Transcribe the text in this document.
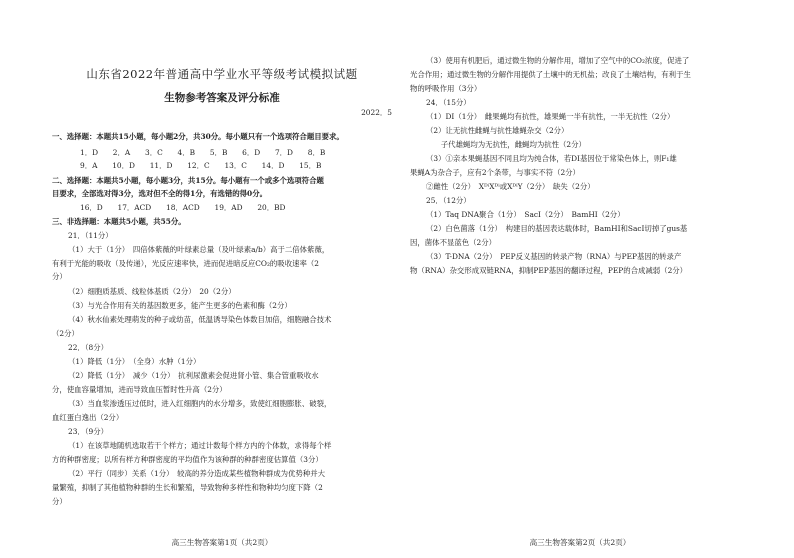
山东省2022年普通高中学业水平等级考试模拟试题
生物参考答案及评分标准
2022．5
一、选择题：本题共15小题，每小题2分，共30分。每小题只有一个选项符合题目要求。
1．D　　2．A　　3．C　　4．B　　5．B　　6．D　　7．D　　8．B
9．A　　10．D　　11．D　　12．C　　13．C　　14．D　　15．B
二、选择题：本题共5小题，每小题3分，共15分。每小题有一个或多个选项符合题
目要求，全部选对得3分，选对但不全的得1分，有选错的得0分。
16．D　　17．ACD　　18．ACD　　19．AD　　20．BD
三、非选择题：本题共5小题，共55分。
21．（11分）
（1）大于（1分）　四倍体紫薇的叶绿素总量（及叶绿素a/b）高于二倍体紫薇，
有利于光能的吸收（及传递），光反应速率快，进而促进暗反应CO₂的吸收速率（2
分）
（2）细胞质基质、线粒体基质（2分）　20（2分）
（3）与光合作用有关的基因数更多，能产生更多的色素和酶（2分）
（4）秋水仙素处理萌发的种子或幼苗，低温诱导染色体数目加倍，细胞融合技术
（2分）
22．（8分）
（1）降低（1分）　（全身）水肿（1分）
（2）降低（1分）　减少（1分）　抗利尿激素会促进肾小管、集合管重吸收水
分，使血容量增加，进而导致血压暂时性升高（2分）
（3）当血浆渗透压过低时，进入红细胞内的水分增多，致使红细胞膨胀、破裂，
血红蛋白逸出（2分）
23．（9分）
（1）在该草地随机选取若干个样方；通过计数每个样方内的个体数，求得每个样
方的种群密度；以所有样方种群密度的平均值作为该种群的种群密度估算值（3分）
（2）平行（同步）关系（1分）　较高的养分造成某些植物种群成为优势种并大
量繁殖，抑制了其他植物种群的生长和繁殖，导致物种多样性和物种均匀度下降（2
分）
高三生物答案第1页（共2页）
（3）使用有机肥后，通过微生物的分解作用，增加了空气中的CO₂浓度，促进了
光合作用；通过微生物的分解作用提供了土壤中的无机盐；改良了土壤结构，有利于生
物的呼吸作用（3分）
24．（15分）
（1）DI（1分）　雌果蝇均有抗性，雄果蝇一半有抗性，一半无抗性（2分）
（2）让无抗性雌蝇与抗性雄蝇杂交（2分）
　　子代雄蝇均为无抗性，雌蝇均为抗性（2分）
（3）①亲本果蝇基因不同且均为纯合体，若DI基因位于常染色体上，则F₁雄
果蝇A为杂合子，应有2个条带，与事实不符（2分）
②雌性（2分）　XᴰⁱXᴰⁱ或XᴰⁱY（2分）　缺失（2分）
25．（12分）
（1）Taq DNA聚合（1分）　SacⅠ（2分）　BamHⅠ（2分）
（2）白色菌落（1分）　构建目的基因表达载体时，BamHⅠ和SacⅠ切掉了gus基
因，菌体不显蓝色（2分）
（3）T-DNA（2分）　PEP反义基因的转录产物（RNA）与PEP基因的转录产
物（RNA）杂交形成双链RNA，抑制PEP基因的翻译过程，PEP的合成减弱（2分）
高三生物答案第2页（共2页）
